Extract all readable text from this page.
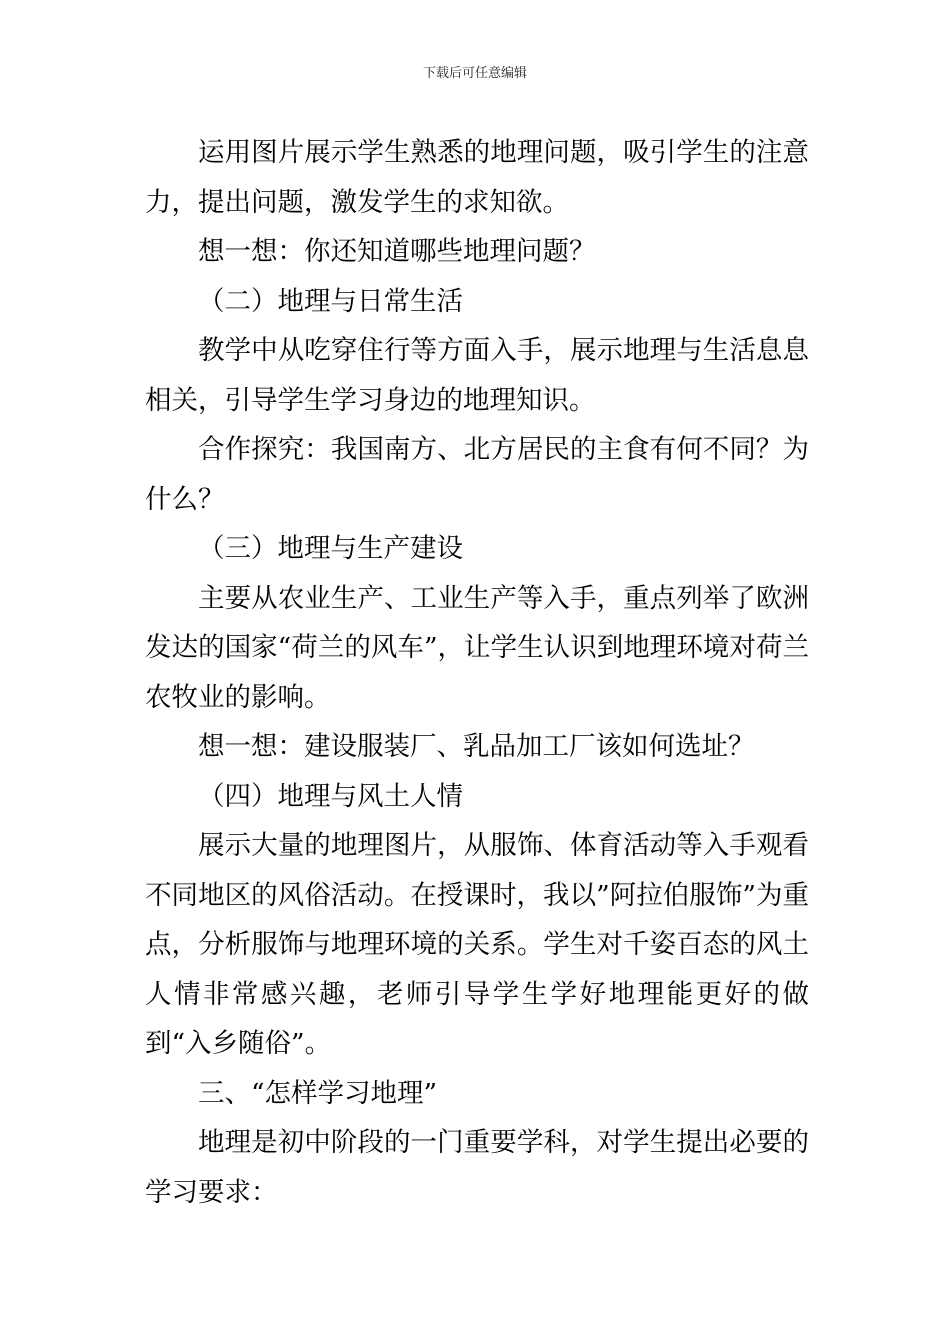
下载后可任意编辑

运用图片展示学生熟悉的地理问题，吸引学生的注意力，提出问题，激发学生的求知欲。

想一想：你还知道哪些地理问题？

（二）地理与日常生活

教学中从吃穿住行等方面入手，展示地理与生活息息相关，引导学生学习身边的地理知识。

合作探究：我国南方、北方居民的主食有何不同？为什么？

（三）地理与生产建设

主要从农业生产、工业生产等入手，重点列举了欧洲发达的国家“荷兰的风车”，让学生认识到地理环境对荷兰农牧业的影响。

想一想：建设服装厂、乳品加工厂该如何选址？

（四）地理与风土人情

展示大量的地理图片，从服饰、体育活动等入手观看不同地区的风俗活动。在授课时，我以”阿拉伯服饰”为重点，分析服饰与地理环境的关系。学生对千姿百态的风土人情非常感兴趣，老师引导学生学好地理能更好的做到“入乡随俗”。

三、“怎样学习地理”

地理是初中阶段的一门重要学科，对学生提出必要的学习要求：
